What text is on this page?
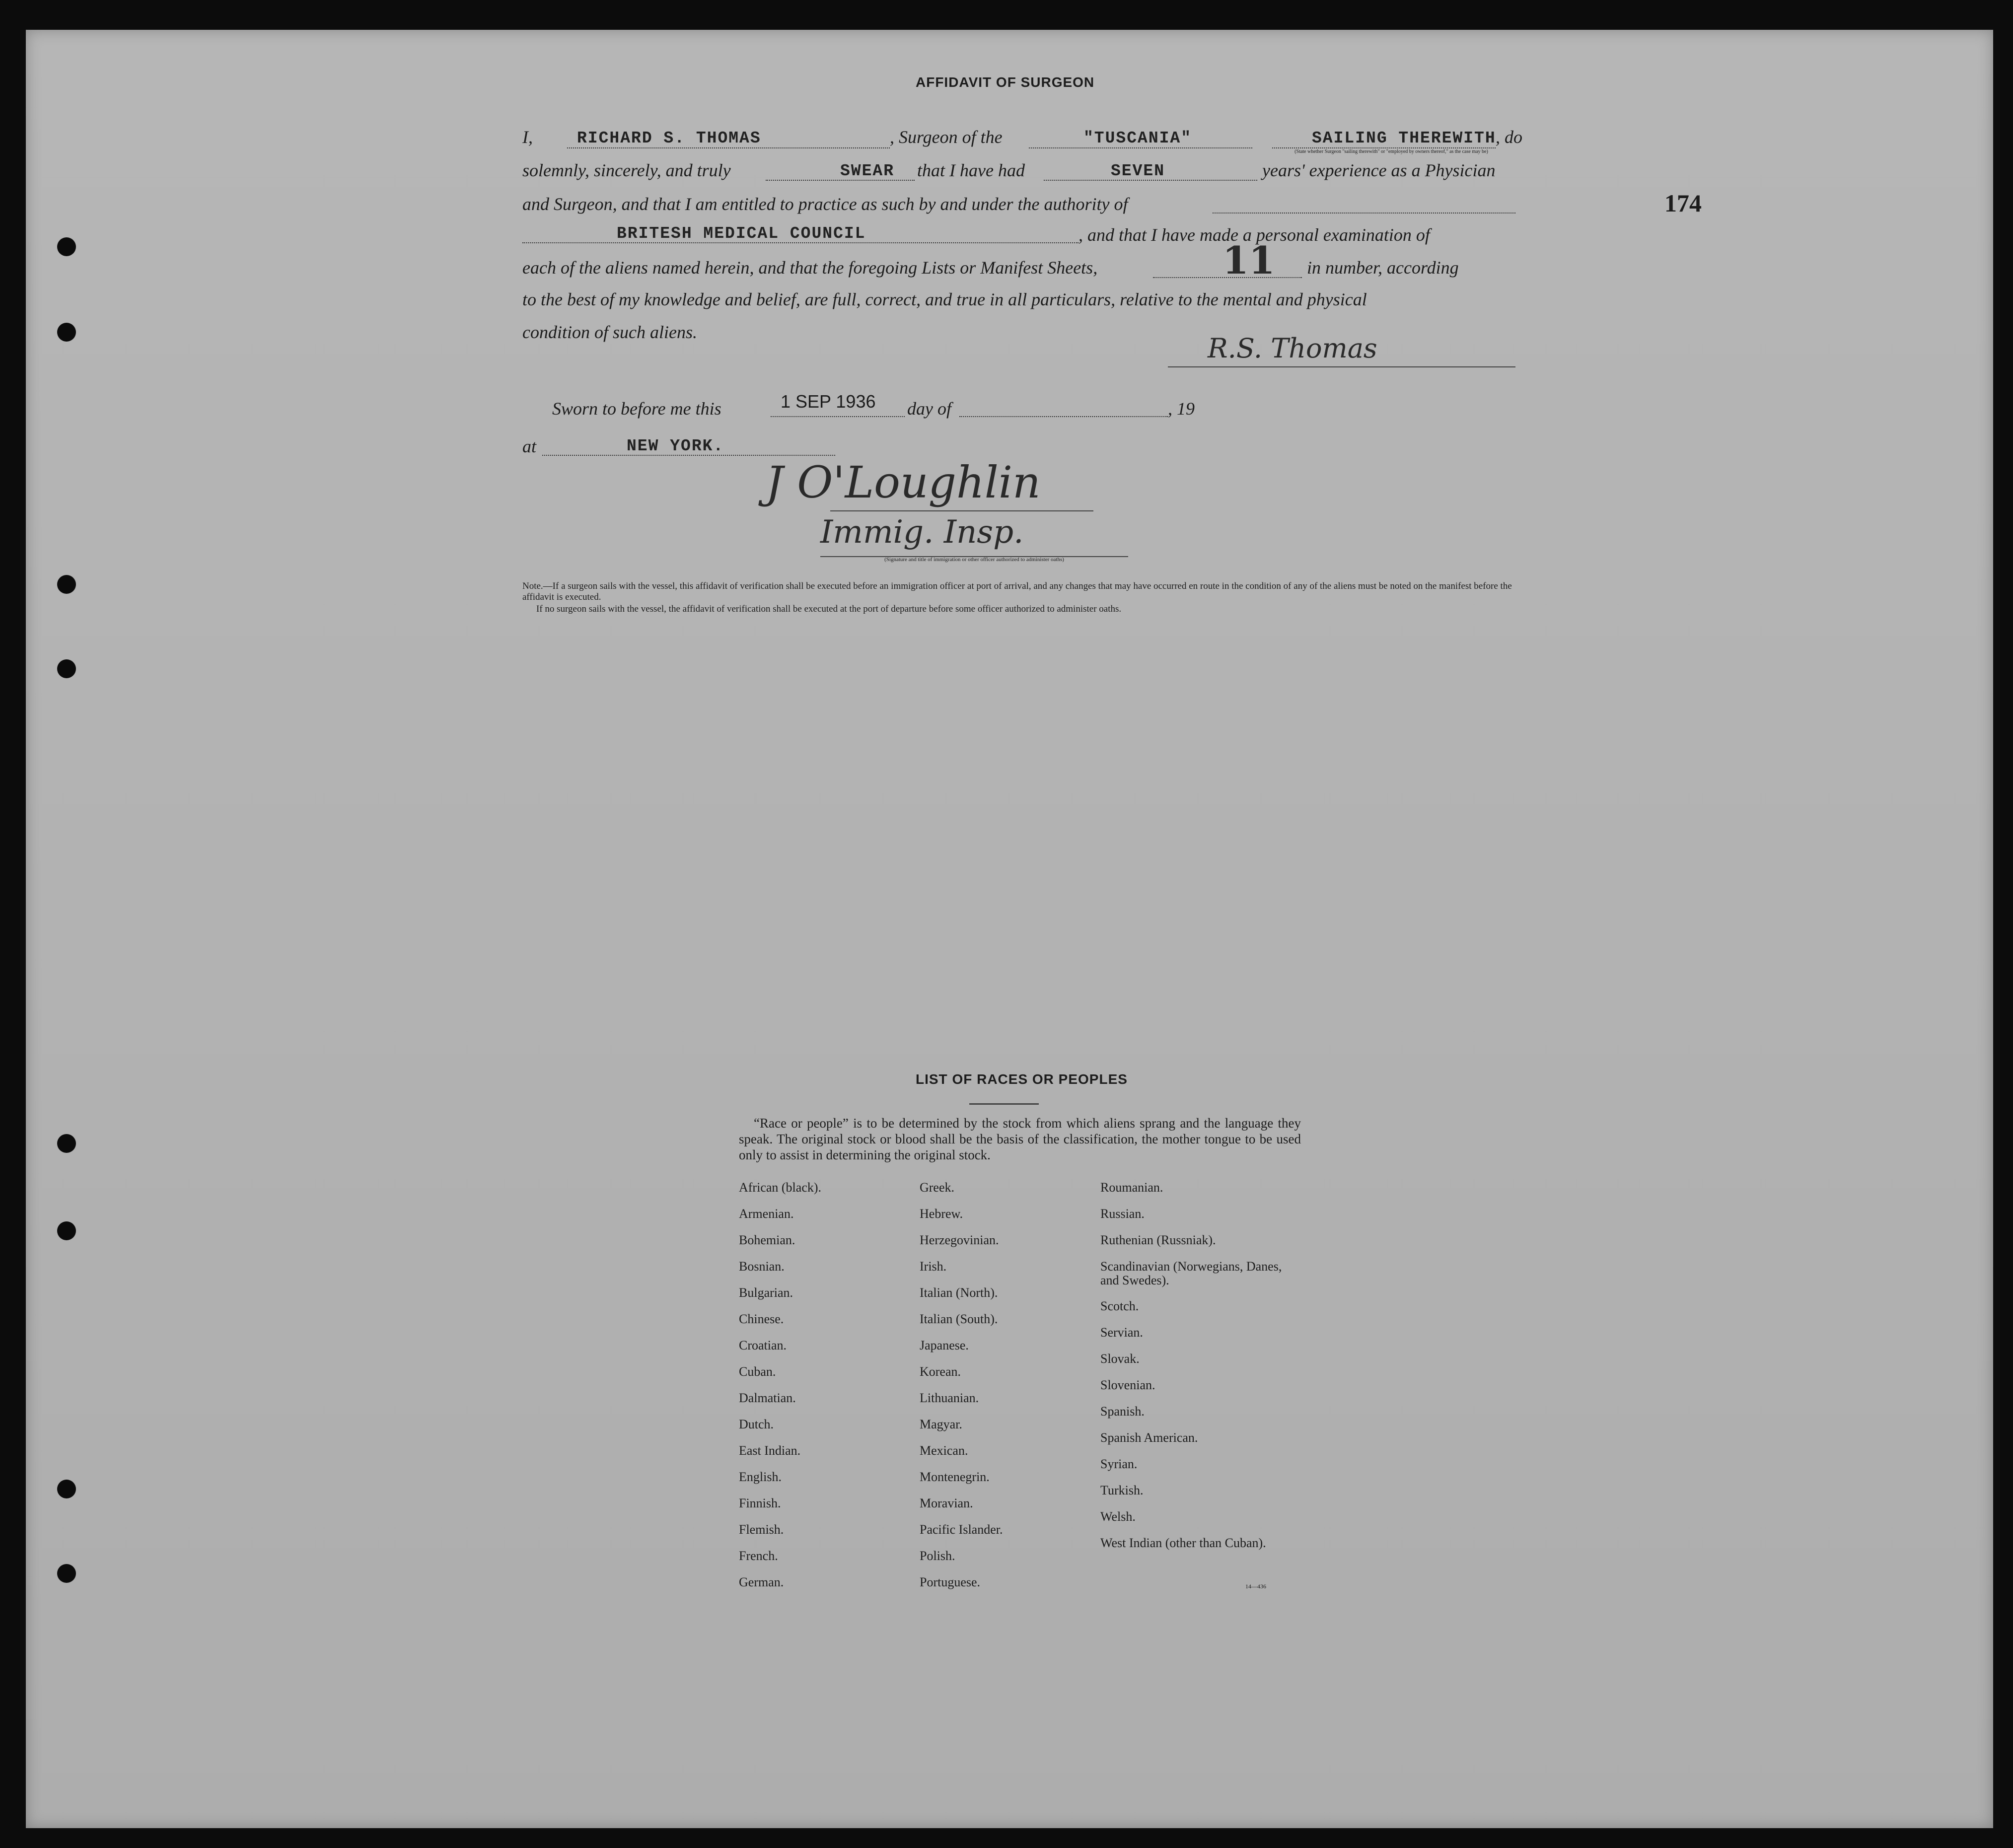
174
AFFIDAVIT OF SURGEON
I,	RICHARD S. THOMAS	, Surgeon of the	"TUSCANIA"	SAILING THEREWITH , do
(State whether Surgeon "sailing therewith" or "employed by owners thereof," as the case may be)
solemnly, sincerely, and truly	SWEAR that I have had	SEVEN	years' experience as a Physician
and Surgeon, and that I am entitled to practice as such by and under the authority of
BRITESH MEDICAL COUNCIL	, and that I have made a personal examination of
each of the aliens named herein, and that the foregoing Lists or Manifest Sheets,	11 in number, according
to the best of my knowledge and belief, are full, correct, and true in all particulars, relative to the mental and physical
condition of such aliens.
R.S. Thomas
Sworn to before me this	1 SEP 1936 day of	, 19
at	NEW YORK.
J O'Loughlin
Immig. Insp.
(Signature and title of immigration or other officer authorized to administer oaths)
Note.—If a surgeon sails with the vessel, this affidavit of verification shall be executed before an immigration officer at port of arrival, and any changes that may have occurred en route in the condition of any of the aliens must be noted on the manifest before the affidavit is executed.
If no surgeon sails with the vessel, the affidavit of verification shall be executed at the port of departure before some officer authorized to administer oaths.
LIST OF RACES OR PEOPLES
“Race or people” is to be determined by the stock from which aliens sprang and the language they speak. The original stock or blood shall be the basis of the classification, the mother tongue to be used only to assist in determining the original stock.
African (black).
Armenian.
Bohemian.
Bosnian.
Bulgarian.
Chinese.
Croatian.
Cuban.
Dalmatian.
Dutch.
East Indian.
English.
Finnish.
Flemish.
French.
German.
Greek.
Hebrew.
Herzegovinian.
Irish.
Italian (North).
Italian (South).
Japanese.
Korean.
Lithuanian.
Magyar.
Mexican.
Montenegrin.
Moravian.
Pacific Islander.
Polish.
Portuguese.
Roumanian.
Russian.
Ruthenian (Russniak).
Scandinavian (Norwegians, Danes, and Swedes).
Scotch.
Servian.
Slovak.
Slovenian.
Spanish.
Spanish American.
Syrian.
Turkish.
Welsh.
West Indian (other than Cuban).
14—436
